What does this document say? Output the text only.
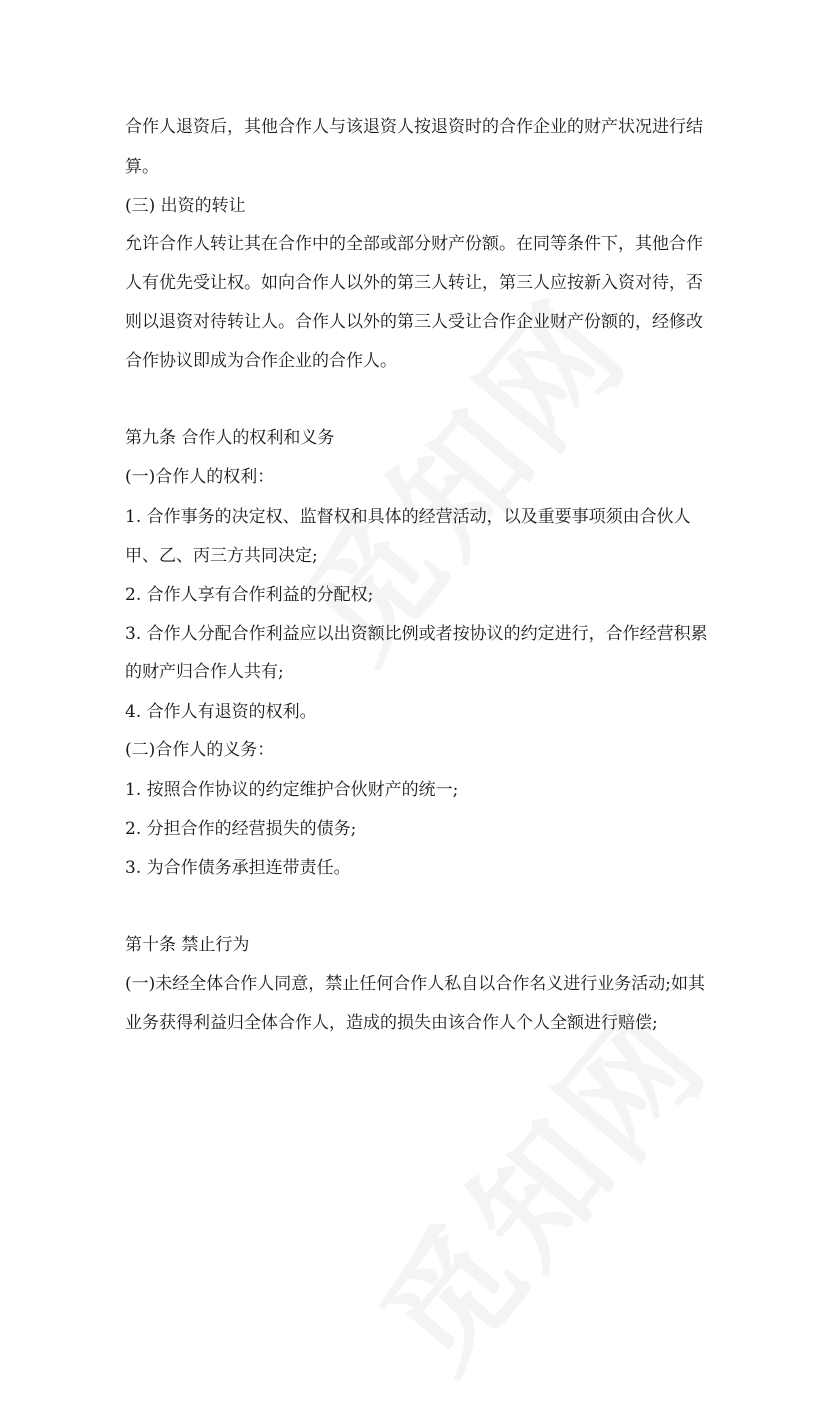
合作人退资后，其他合作人与该退资人按退资时的合作企业的财产状况进行结
算。
(三) 出资的转让
允许合作人转让其在合作中的全部或部分财产份额。在同等条件下，其他合作
人有优先受让权。如向合作人以外的第三人转让，第三人应按新入资对待，否
则以退资对待转让人。合作人以外的第三人受让合作企业财产份额的，经修改
合作协议即成为合作企业的合作人。
第九条 合作人的权利和义务
(一)合作人的权利：
1. 合作事务的决定权、监督权和具体的经营活动，以及重要事项须由合伙人
甲、乙、丙三方共同决定;
2. 合作人享有合作利益的分配权;
3. 合作人分配合作利益应以出资额比例或者按协议的约定进行，合作经营积累
的财产归合作人共有;
4. 合作人有退资的权利。
(二)合作人的义务：
1. 按照合作协议的约定维护合伙财产的统一;
2. 分担合作的经营损失的债务;
3. 为合作债务承担连带责任。
第十条 禁止行为
(一)未经全体合作人同意，禁止任何合作人私自以合作名义进行业务活动;如其
业务获得利益归全体合作人，造成的损失由该合作人个人全额进行赔偿;
